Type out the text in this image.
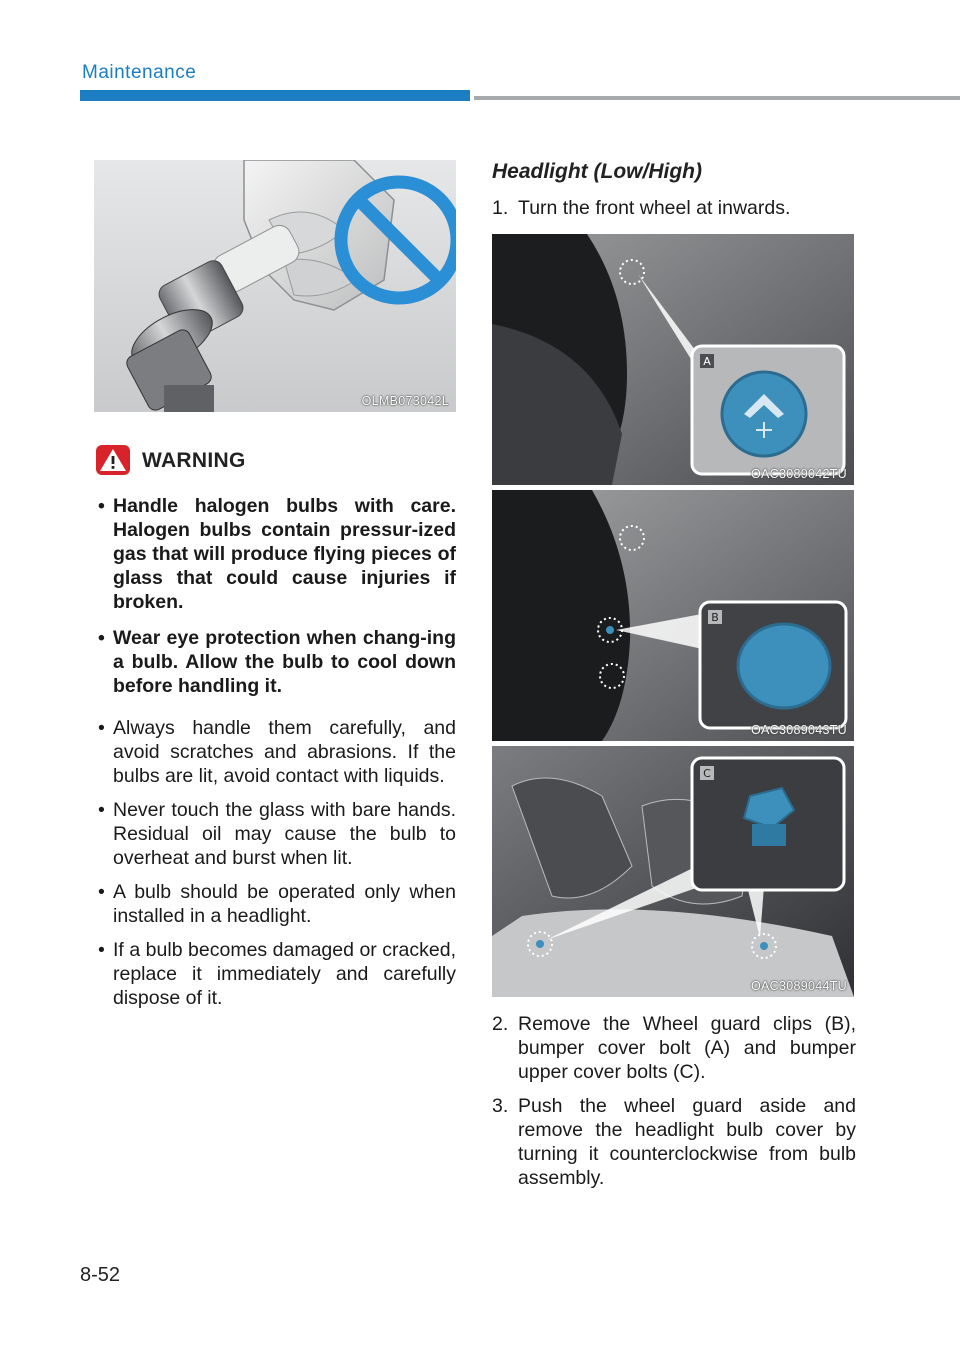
Maintenance
OLMB073042L
WARNING
• Handle halogen bulbs with care. Halogen bulbs contain pressur-ized gas that will produce flying pieces of glass that could cause injuries if broken.
• Wear eye protection when chang-ing a bulb. Allow the bulb to cool down before handling it.
• Always handle them carefully, and avoid scratches and abrasions. If the bulbs are lit, avoid contact with liquids.
• Never touch the glass with bare hands. Residual oil may cause the bulb to overheat and burst when lit.
• A bulb should be operated only when installed in a headlight.
• If a bulb becomes damaged or cracked, replace it immediately and carefully dispose of it.
Headlight (Low/High)
1. Turn the front wheel at inwards.
A
OAC3089042TU
B
OAC3089043TU
C
OAC3089044TU
2. Remove the Wheel guard clips (B), bumper cover bolt (A) and bumper upper cover bolts (C).
3. Push the wheel guard aside and remove the headlight bulb cover by turning it counterclockwise from bulb assembly.
8-52
